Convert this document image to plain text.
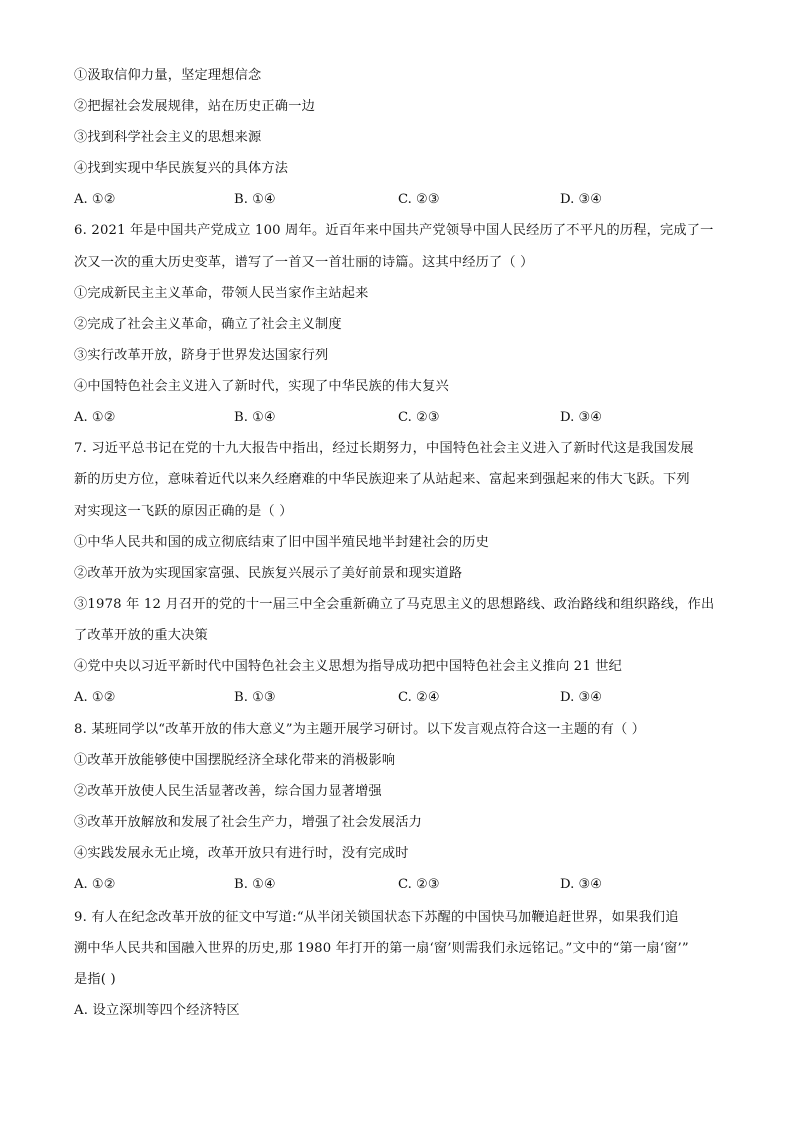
①汲取信仰力量，坚定理想信念
②把握社会发展规律，站在历史正确一边
③找到科学社会主义的思想来源
④找到实现中华民族复兴的具体方法
A. ①②	B. ①④	C. ②③	D. ③④
6. 2021 年是中国共产党成立 100 周年。近百年来中国共产党领导中国人民经历了不平凡的历程，完成了一
次又一次的重大历史变革，谱写了一首又一首壮丽的诗篇。这其中经历了（ ）
①完成新民主主义革命，带领人民当家作主站起来
②完成了社会主义革命，确立了社会主义制度
③实行改革开放，跻身于世界发达国家行列
④中国特色社会主义进入了新时代，实现了中华民族的伟大复兴
A. ①②	B. ①④	C. ②③	D. ③④
7. 习近平总书记在党的十九大报告中指出，经过长期努力，中国特色社会主义进入了新时代这是我国发展
新的历史方位，意味着近代以来久经磨难的中华民族迎来了从站起来、富起来到强起来的伟大飞跃。下列
对实现这一飞跃的原因正确的是（ ）
①中华人民共和国的成立彻底结束了旧中国半殖民地半封建社会的历史
②改革开放为实现国家富强、民族复兴展示了美好前景和现实道路
③1978 年 12 月召开的党的十一届三中全会重新确立了马克思主义的思想路线、政治路线和组织路线，作出
了改革开放的重大决策
④党中央以习近平新时代中国特色社会主义思想为指导成功把中国特色社会主义推向 21 世纪
A. ①②	B. ①③	C. ②④	D. ③④
8. 某班同学以“改革开放的伟大意义”为主题开展学习研讨。以下发言观点符合这一主题的有（ ）
①改革开放能够使中国摆脱经济全球化带来的消极影响
②改革开放使人民生活显著改善，综合国力显著增强
③改革开放解放和发展了社会生产力，增强了社会发展活力
④实践发展永无止境，改革开放只有进行时，没有完成时
A. ①②	B. ①④	C. ②③	D. ③④
9. 有人在纪念改革开放的征文中写道:“从半闭关锁国状态下苏醒的中国快马加鞭追赶世界，如果我们追
溯中华人民共和国融入世界的历史,那 1980 年打开的第一扇‘窗’则需我们永远铭记。”文中的“第一扇‘窗’”
是指( )
A. 设立深圳等四个经济特区
